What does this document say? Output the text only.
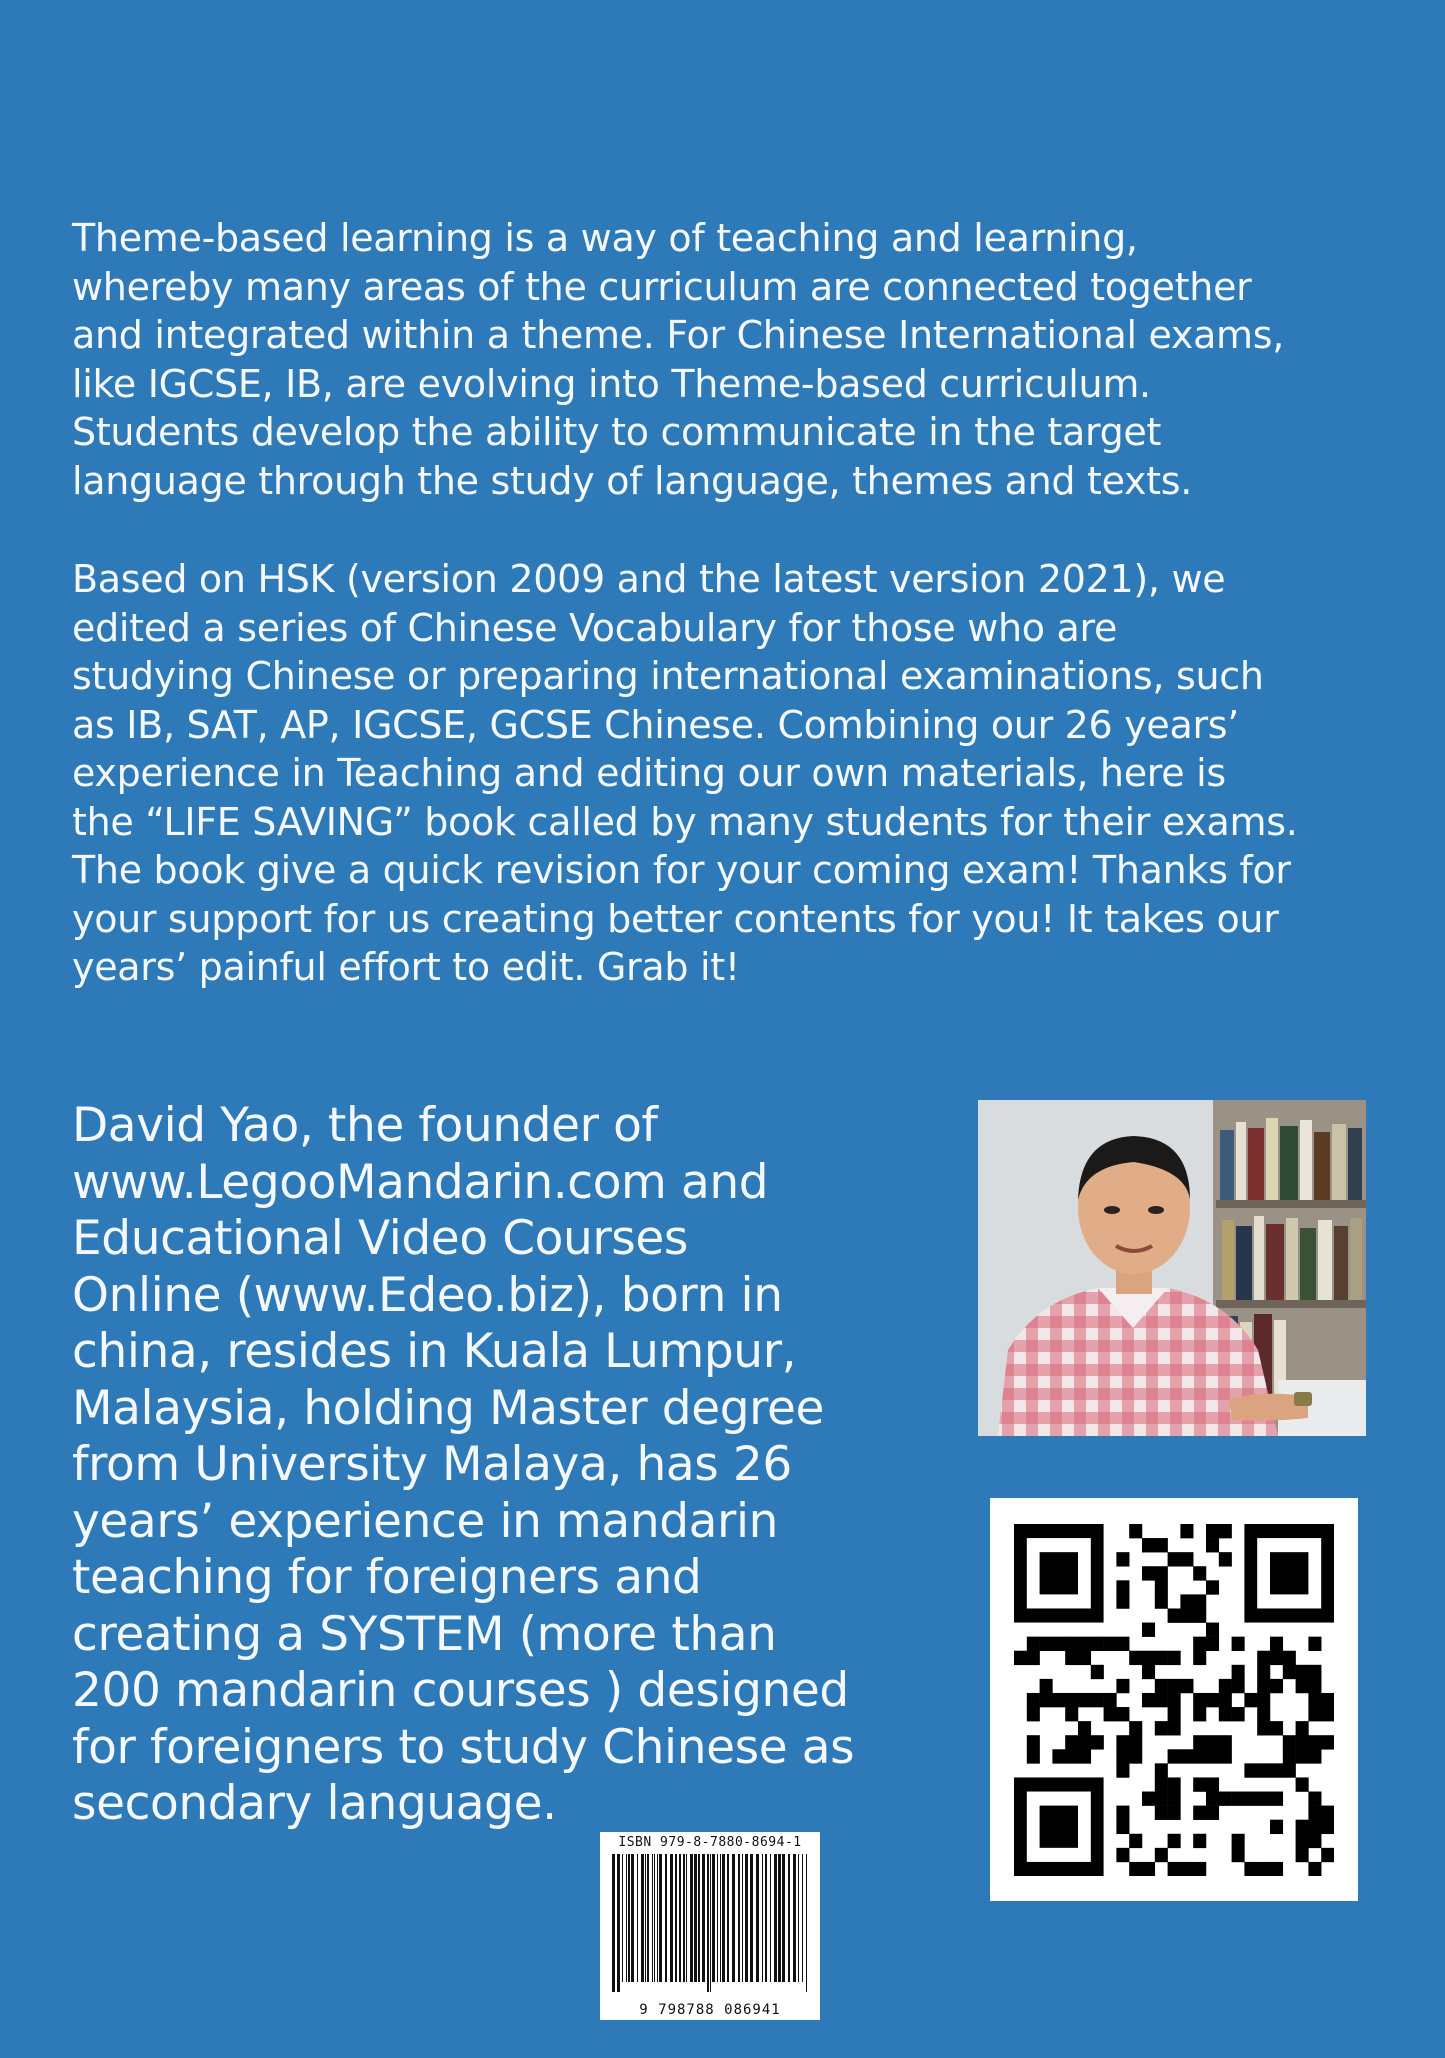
Theme-based learning is a way of teaching and learning,
whereby many areas of the curriculum are connected together
and integrated within a theme. For Chinese International exams,
like IGCSE, IB, are evolving into Theme-based curriculum.
Students develop the ability to communicate in the target
language through the study of language, themes and texts.

Based on HSK (version 2009 and the latest version 2021), we
edited a series of Chinese Vocabulary for those who are
studying Chinese or preparing international examinations, such
as IB, SAT, AP, IGCSE, GCSE Chinese. Combining our 26 years’
experience in Teaching and editing our own materials, here is
the “LIFE SAVING” book called by many students for their exams.
The book give a quick revision for your coming exam! Thanks for
your support for us creating better contents for you! It takes our
years’ painful effort to edit. Grab it!

David Yao, the founder of
www.LegooMandarin.com and
Educational Video Courses
Online (www.Edeo.biz), born in
china, resides in Kuala Lumpur,
Malaysia, holding Master degree
from University Malaya, has 26
years’ experience in mandarin
teaching for foreigners and
creating a SYSTEM (more than
200 mandarin courses ) designed
for foreigners to study Chinese as
secondary language.

ISBN 979-8-7880-8694-1
9 798788 086941
